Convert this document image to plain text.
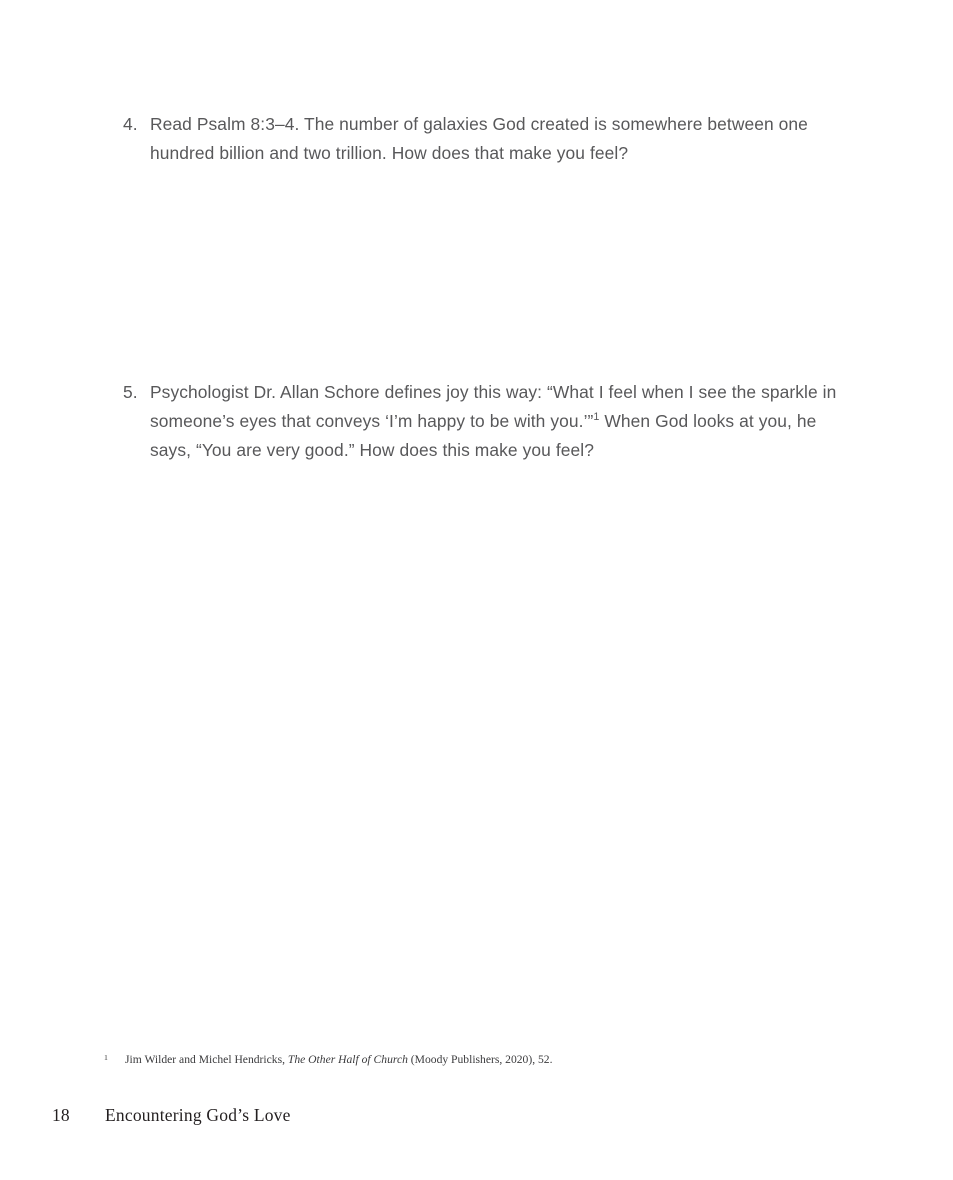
4. Read Psalm 8:3–4. The number of galaxies God created is somewhere between one hundred billion and two trillion. How does that make you feel?
5. Psychologist Dr. Allan Schore defines joy this way: “What I feel when I see the sparkle in someone’s eyes that conveys ‘I’m happy to be with you.’”$^1$ When God looks at you, he says, “You are very good.” How does this make you feel?
1	Jim Wilder and Michel Hendricks, The Other Half of Church (Moody Publishers, 2020), 52.
18	Encountering God’s Love
